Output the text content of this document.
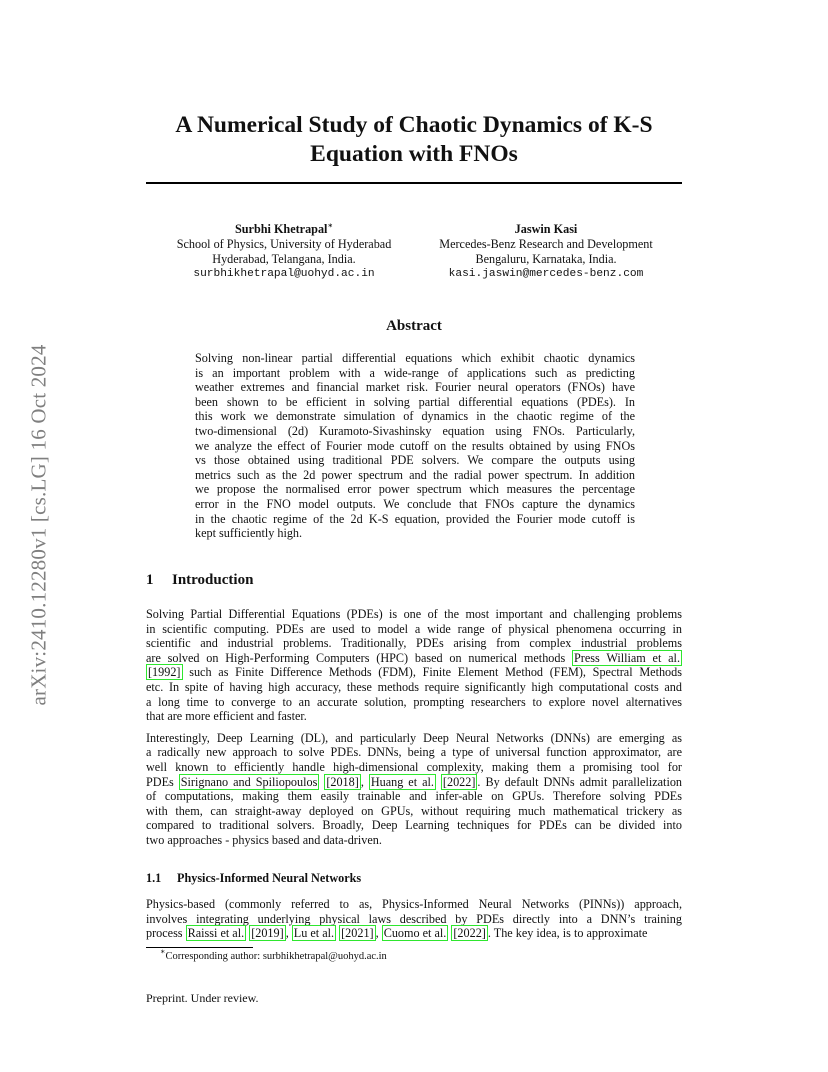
arXiv:2410.12280v1 [cs.LG] 16 Oct 2024
A Numerical Study of Chaotic Dynamics of K-S
Equation with FNOs
Surbhi Khetrapal∗
School of Physics, University of Hyderabad
Hyderabad, Telangana, India.
surbhikhetrapal@uohyd.ac.in
Jaswin Kasi
Mercedes-Benz Research and Development
Bengaluru, Karnataka, India.
kasi.jaswin@mercedes-benz.com
Abstract
Solving non-linear partial differential equations which exhibit chaotic dynamics
is an important problem with a wide-range of applications such as predicting
weather extremes and financial market risk. Fourier neural operators (FNOs) have
been shown to be efficient in solving partial differential equations (PDEs). In
this work we demonstrate simulation of dynamics in the chaotic regime of the
two-dimensional (2d) Kuramoto-Sivashinsky equation using FNOs. Particularly,
we analyze the effect of Fourier mode cutoff on the results obtained by using FNOs
vs those obtained using traditional PDE solvers. We compare the outputs using
metrics such as the 2d power spectrum and the radial power spectrum. In addition
we propose the normalised error power spectrum which measures the percentage
error in the FNO model outputs. We conclude that FNOs capture the dynamics
in the chaotic regime of the 2d K-S equation, provided the Fourier mode cutoff is
kept sufficiently high.
1 Introduction
Solving Partial Differential Equations (PDEs) is one of the most important and challenging problems
in scientific computing. PDEs are used to model a wide range of physical phenomena occurring in
scientific and industrial problems. Traditionally, PDEs arising from complex industrial problems
are solved on High-Performing Computers (HPC) based on numerical methods Press William et al.
[1992] such as Finite Difference Methods (FDM), Finite Element Method (FEM), Spectral Methods
etc. In spite of having high accuracy, these methods require significantly high computational costs and
a long time to converge to an accurate solution, prompting researchers to explore novel alternatives
that are more efficient and faster.
Interestingly, Deep Learning (DL), and particularly Deep Neural Networks (DNNs) are emerging as
a radically new approach to solve PDEs. DNNs, being a type of universal function approximator, are
well known to efficiently handle high-dimensional complexity, making them a promising tool for
PDEs Sirignano and Spiliopoulos [2018] , Huang et al. [2022] . By default DNNs admit parallelization
of computations, making them easily trainable and infer-able on GPUs. Therefore solving PDEs
with them, can straight-away deployed on GPUs, without requiring much mathematical trickery as
compared to traditional solvers. Broadly, Deep Learning techniques for PDEs can be divided into
two approaches - physics based and data-driven.
1.1 Physics-Informed Neural Networks
Physics-based (commonly referred to as, Physics-Informed Neural Networks (PINNs)) approach,
involves integrating underlying physical laws described by PDEs directly into a DNN’s training
process Raissi et al. [2019] , Lu et al. [2021] , Cuomo et al. [2022] . The key idea, is to approximate
∗Corresponding author: surbhikhetrapal@uohyd.ac.in
Preprint. Under review.
